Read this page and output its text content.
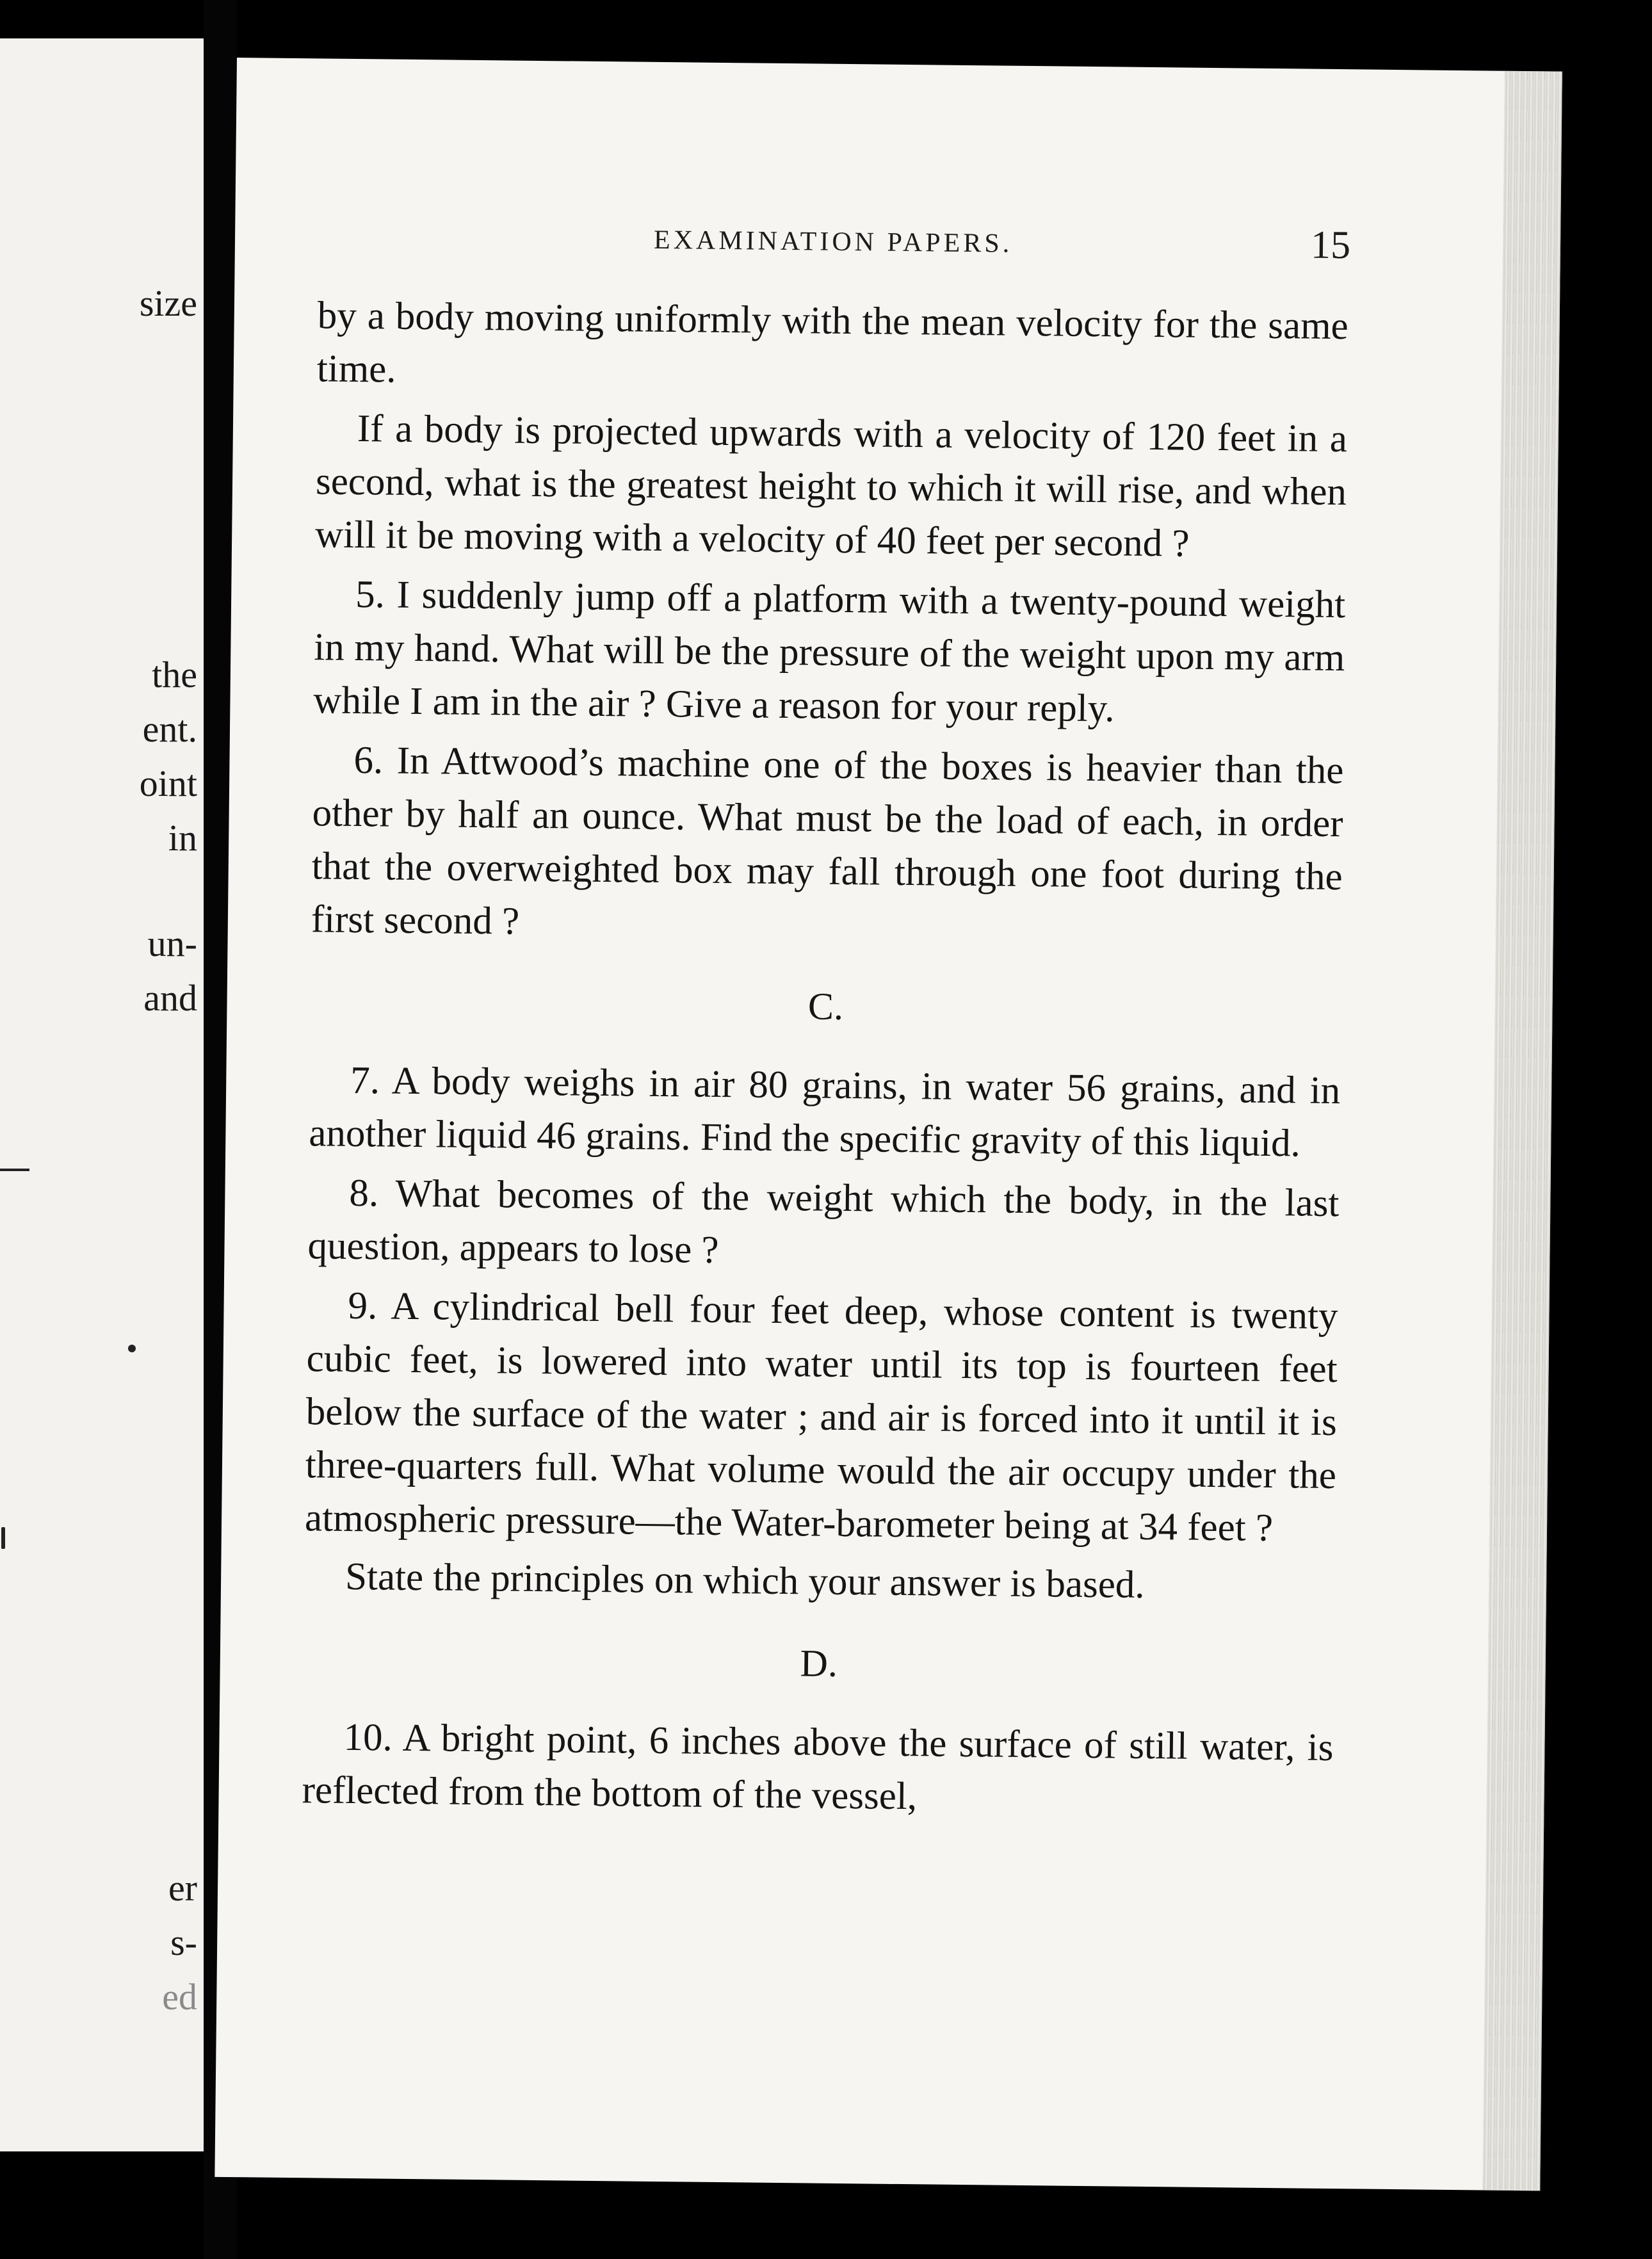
size
the
ent.
oint
in
un-
and
er
s-
ed
EXAMINATION PAPERS.	15

by a body moving uniformly with the mean velocity for the same time.

If a body is projected upwards with a velocity of 120 feet in a second, what is the greatest height to which it will rise, and when will it be moving with a velocity of 40 feet per second ?

5. I suddenly jump off a platform with a twenty-pound weight in my hand. What will be the pressure of the weight upon my arm while I am in the air ? Give a reason for your reply.

6. In Attwood’s machine one of the boxes is heavier than the other by half an ounce. What must be the load of each, in order that the overweighted box may fall through one foot during the first second ?

C.

7. A body weighs in air 80 grains, in water 56 grains, and in another liquid 46 grains. Find the specific gravity of this liquid.

8. What becomes of the weight which the body, in the last question, appears to lose ?

9. A cylindrical bell four feet deep, whose content is twenty cubic feet, is lowered into water until its top is fourteen feet below the surface of the water ; and air is forced into it until it is three-quarters full. What volume would the air occupy under the atmospheric pressure—the Water-barometer being at 34 feet ?

State the principles on which your answer is based.

D.

10. A bright point, 6 inches above the surface of still water, is reflected from the bottom of the vessel,
